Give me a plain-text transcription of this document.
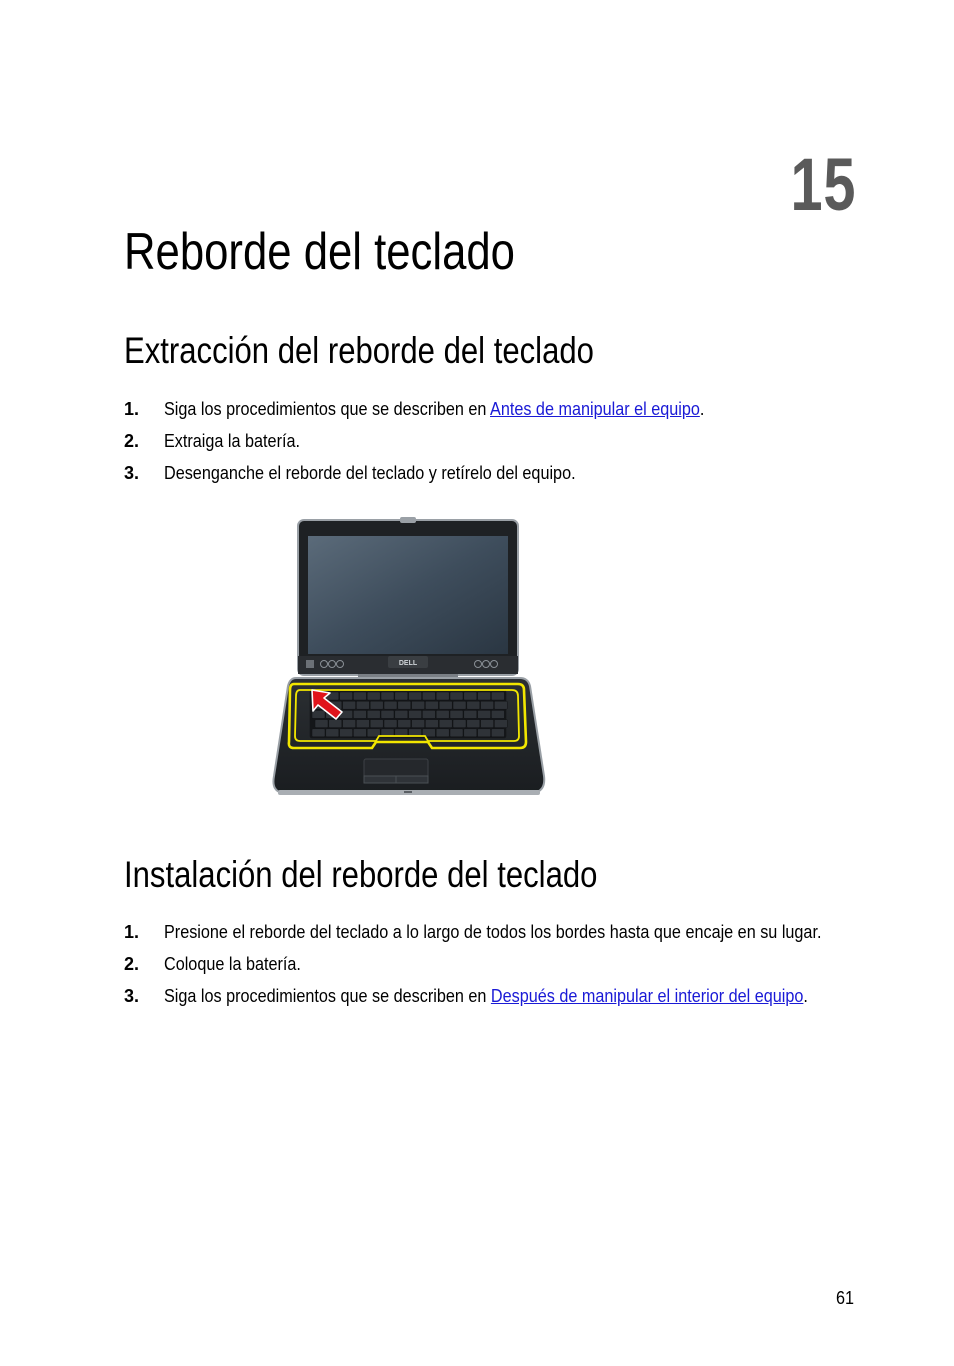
15
Reborde del teclado
Extracción del reborde del teclado
1. Siga los procedimientos que se describen en Antes de manipular el equipo.
2. Extraiga la batería.
3. Desenganche el reborde del teclado y retírelo del equipo.
DELL
Instalación del reborde del teclado
1. Presione el reborde del teclado a lo largo de todos los bordes hasta que encaje en su lugar.
2. Coloque la batería.
3. Siga los procedimientos que se describen en Después de manipular el interior del equipo.
61
